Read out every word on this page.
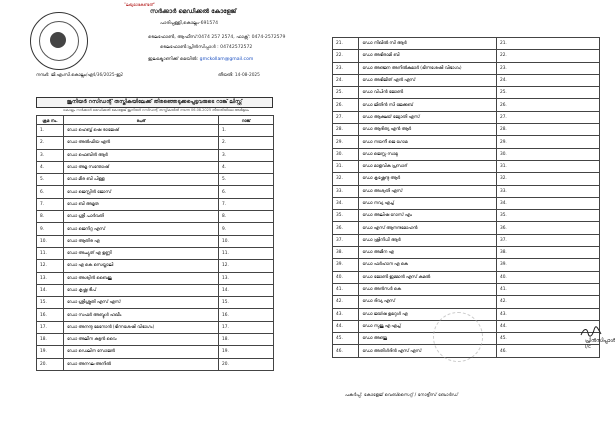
"ലഭ്യമാകേണ്ടത്"
സർക്കാർ മെഡിക്കൽ കോളേജ്
പാരിപ്പള്ളി,കൊല്ലം-691574
ടെലഫോൺ, ആഫീസ്:0474 257 2574, ഫാക്സ്: 0474-2572579
ടെലഫോൺ:പ്രിൻസിപ്പാൾ : 04742572572
ഇലക്ട്രോണിക്ക് മെയിൽ: gmckollam@gmail.com
നമ്പർ: ജി.എംസി.കൊല്ലം/എ4/36/2025-ഇ2	തീയതി: 14-08-2025
ജൂനിയർ റസിഡന്റ് തസ്തികയിലേക്ക് തിരഞ്ഞെടുക്കപ്പെട്ടവരുടെ റാങ്ക് ലിസ്റ്റ്
കൊല്ലം സർക്കാർ മെഡിക്കൽ കോളേജ് ജൂനിയർ റസിഡന്റ് തസ്തികയിൽ നടന്ന 06.08.2025 തീയതിയിലെ അഭിമുഖം
ക്രമ നം.	പേര്	റാങ്ക്
1.	ഡോ ഹെബ്ബ് ഷെ രാജേഷ്	1.
2.	ഡോ അൽഫിയ എൻ	2.
3.	ഡോ ഫെബിൻ ആർ	3.
4.	ഡോ അമൃ സന്തോഷ്	4.
5.	ഡോ മീര ബി പിള്ള	5.
6.	ഡോ ജെസ്സിൻ ജോസ്	6.
7.	ഡോ ബി അമൃത	7.
8.	ഡോ ശ്രീ പാർവതി	8.
9.	ഡോ ജെനിറ്റ എസ്	9.
10.	ഡോ ആതിര എ	10.
11.	ഡോ അച്യുത് എ ഉണ്ണി	11.
12.	ഡോ എ കെ സെയ്താലി	12.
13.	ഡോ അശ്വിൻ ബൈജു	13.
14.	ഡോ കൃഷ്ണ ദീപ്	14.
15.	ഡോ ശ്രീശ്രുതി എസ് എസ്	15.
16.	ഡോ സഫർ അബ്ദുൾ ഹഖീം	16.
17.	ഡോ അനന്ദു മേനോൻ (ഭിന്നശേഷി വിഭാഗം)	17.
18.	ഡോ അലീന കുട്ടൻ വൈ	18.
19.	ഡോ ഡെലിന സോജൻ	19.
20.	ഡോ അനഘ അനിൽ	20.
21.	ഡോ നിഖിൽ സി ആർ	21.
22.	ഡോ അഭിരാമി ബി	22.
23.	ഡോ അഞ്ജന അനിൽകുമാർ (ഭിന്നശേഷി വിഭാഗം)	23.
24.	ഡോ അഭിജിത് എൻ എസ്	24.
25.	ഡോ വിപിൻ ജോൺ	25.
26.	ഡോ ജിതിൻ സി ജേക്കബ്	26.
27.	ഡോ ആക്ഷയ് ജ്യോതി എസ്	27.
28.	ഡോ ആദിത്യ എൻ ആർ	28.
29.	ഡോ നയനീ ജെ ഗോമ	29.
30.	ഡോ ജെസ്സ സാമു	30.
31.	ഡോ മാളവിക പ്രസാദ്	31.
32.	ഡോ കൃഷ്ണേന്ദു ആർ	32.
33.	ഡോ അശ്വതി എസ്	33.
34.	ഡോ നവ്യ എച്ച്	34.
35.	ഡോ അലിഷ റോസ് എം	35.
36.	ഡോ എസ് ആനന്ദമോഹൻ	36.
37.	ഡോ ഷ്രിനിധി ആർ	37.
38.	ഡോ അമീന എ	38.
39.	ഡോ ഫർഹാന എ കെ	39.
40.	ഡോ ജോൺ ഇമ്മാൻ എസ് കമൽ	40.
41.	ഡോ അൻസർ കെ	41.
42.	ഡോ ദിവ്യ എസ്	42.
43.	ഡോ ജയ്ഷ ഉമറുൾ എ	43.
44.	ഡോ സുജു എ എച്ച്	44.
45.	ഡോ അഞ്ജു	45.
46.	ഡോ അതിൾദിൻ എസ് എസ്	46.
പ്രിൻസിപ്പാൾ i/c
പകർപ്പ്: കോളേജ് വെബ്സൈറ്റ് / നോട്ടീസ് ബോർഡ്
